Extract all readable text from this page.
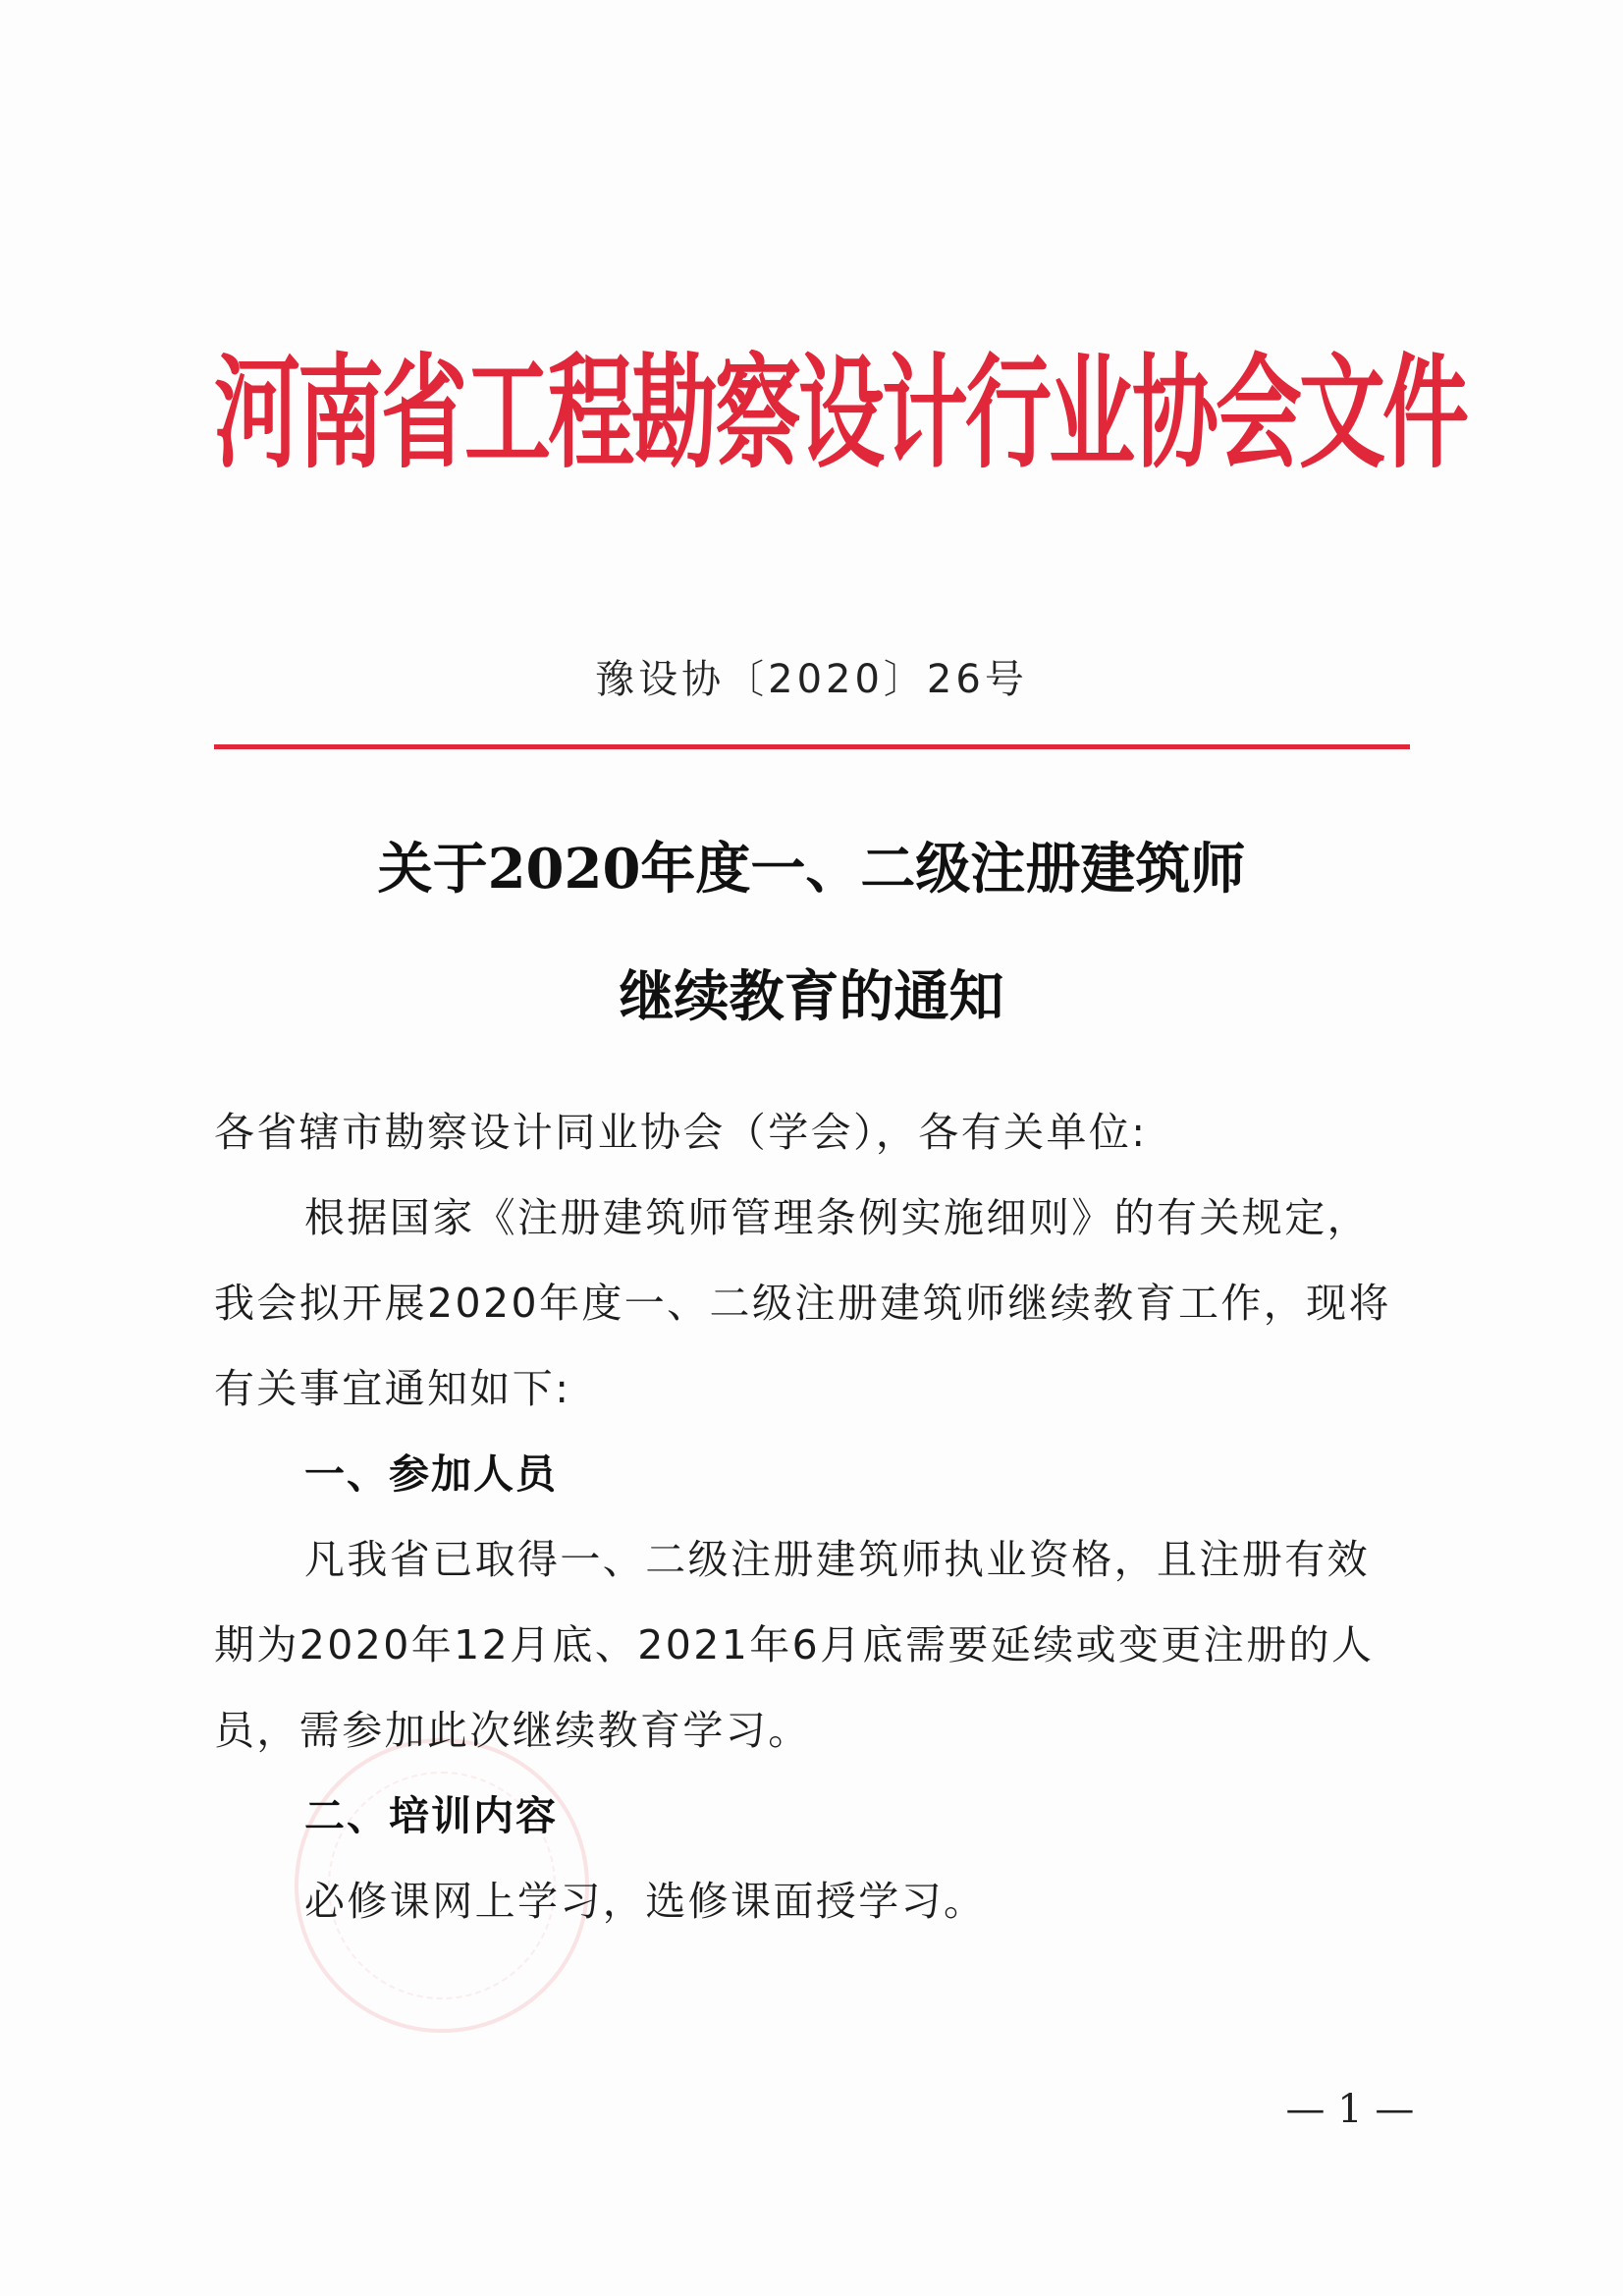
河南省工程勘察设计行业协会文件
豫设协〔2020〕26号
关于2020年度一、二级注册建筑师
继续教育的通知
各省辖市勘察设计同业协会（学会），各有关单位:
根据国家《注册建筑师管理条例实施细则》的有关规定，
我会拟开展2020年度一、二级注册建筑师继续教育工作，现将
有关事宜通知如下:
一、参加人员
凡我省已取得一、二级注册建筑师执业资格，且注册有效
期为2020年12月底、2021年6月底需要延续或变更注册的人
员，需参加此次继续教育学习。
二、培训内容
必修课网上学习，选修课面授学习。
— 1 —
